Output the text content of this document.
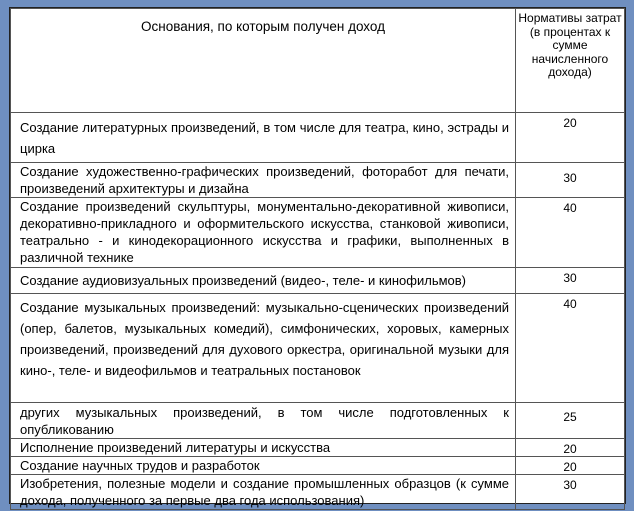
Основания, по которым получен доход	Нормативы затрат (в процентах к сумме начисленного дохода)
Создание литературных произведений, в том числе для театра, кино, эстрады и цирка	20
Создание художественно-графических произведений, фоторабот для печати, произведений архитектуры и дизайна	30
Создание произведений скульптуры, монументально-декоративной живописи, декоративно-прикладного и оформительского искусства, станковой живописи, театрально - и кинодекорационного искусства и графики, выполненных в различной технике	40
Создание аудиовизуальных произведений (видео-, теле- и кинофильмов)	30
Создание музыкальных произведений: музыкально-сценических произведений (опер, балетов, музыкальных комедий), симфонических, хоровых, камерных произведений, произведений для духового оркестра, оригинальной музыки для кино-, теле- и видеофильмов и театральных постановок	40
других музыкальных произведений, в том числе подготовленных к опубликованию	25
Исполнение произведений литературы и искусства	20
Создание научных трудов и разработок	20
Изобретения, полезные модели и создание промышленных образцов (к сумме дохода, полученного за первые два года использования)	30
